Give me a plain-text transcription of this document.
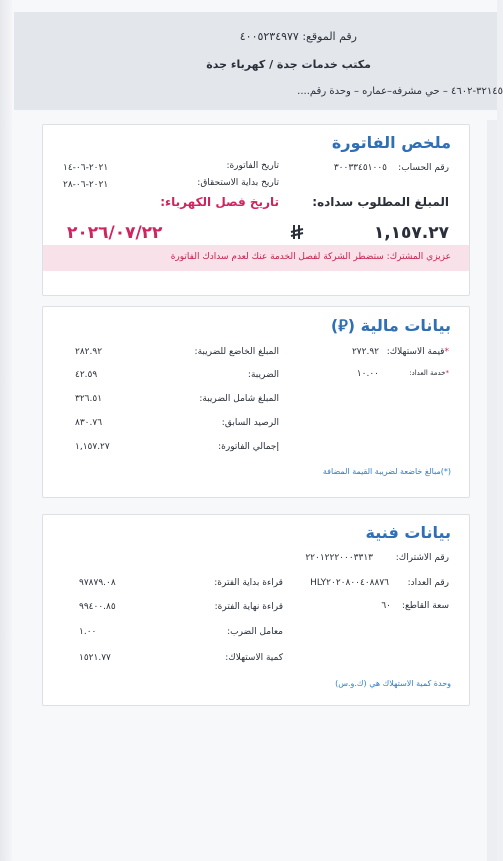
رقم الموقع: ٤٠٠٥٢٣٤٩٧٧
مكتب خدمات جدة / كهرباء جدة
٣٢١٤٥-٤٦٠٢ – حي مشرفه–عماره – وحدة رقم....
ملخص الفاتورة
رقم الحساب:
٣٠٠٣٣٤٥١٠٠٥
تاريخ الفاتورة:
٢٠٢١-٠٦-١٤
تاريخ بداية الاستحقاق:
٢٠٢١-٠٦-٢٨
المبلغ المطلوب سداده:
تاريخ فصل الكهرباء:
١,١٥٧.٢٧
٢٠٢٦/٠٧/٢٢
عزيزي المشترك: ستضطر الشركة لفصل الخدمة عنك لعدم سدادك الفاتورة
بيانات مالية (⃁)
*قيمة الاستهلاك:
٢٧٢.٩٢
*خدمة العداد:
١٠.٠٠
المبلغ الخاضع للضريبة:
٢٨٢.٩٢
الضريبة:
٤٢.٥٩
المبلغ شامل الضريبة:
٣٢٦.٥١
الرصيد السابق:
٨٣٠.٧٦
إجمالي الفاتورة:
١,١٥٧.٢٧
(*)مبالغ خاضعة لضريبة القيمة المضافة
بيانات فنية
رقم الاشتراك:
٢٢٠١٢٢٢٠٠٠٣٣١٣
رقم العداد:
HLY٢٠٢٠٨٠٠٤٠٨٨٧٦
سعة القاطع:
٦٠
قراءة بداية الفترة:
٩٧٨٧٩.٠٨
قراءة نهاية الفترة:
٩٩٤٠٠.٨٥
معامل الضرب:
١.٠٠
كمية الاستهلاك:
١٥٢١.٧٧
وحدة كمية الاستهلاك هي (ك.و.س)
